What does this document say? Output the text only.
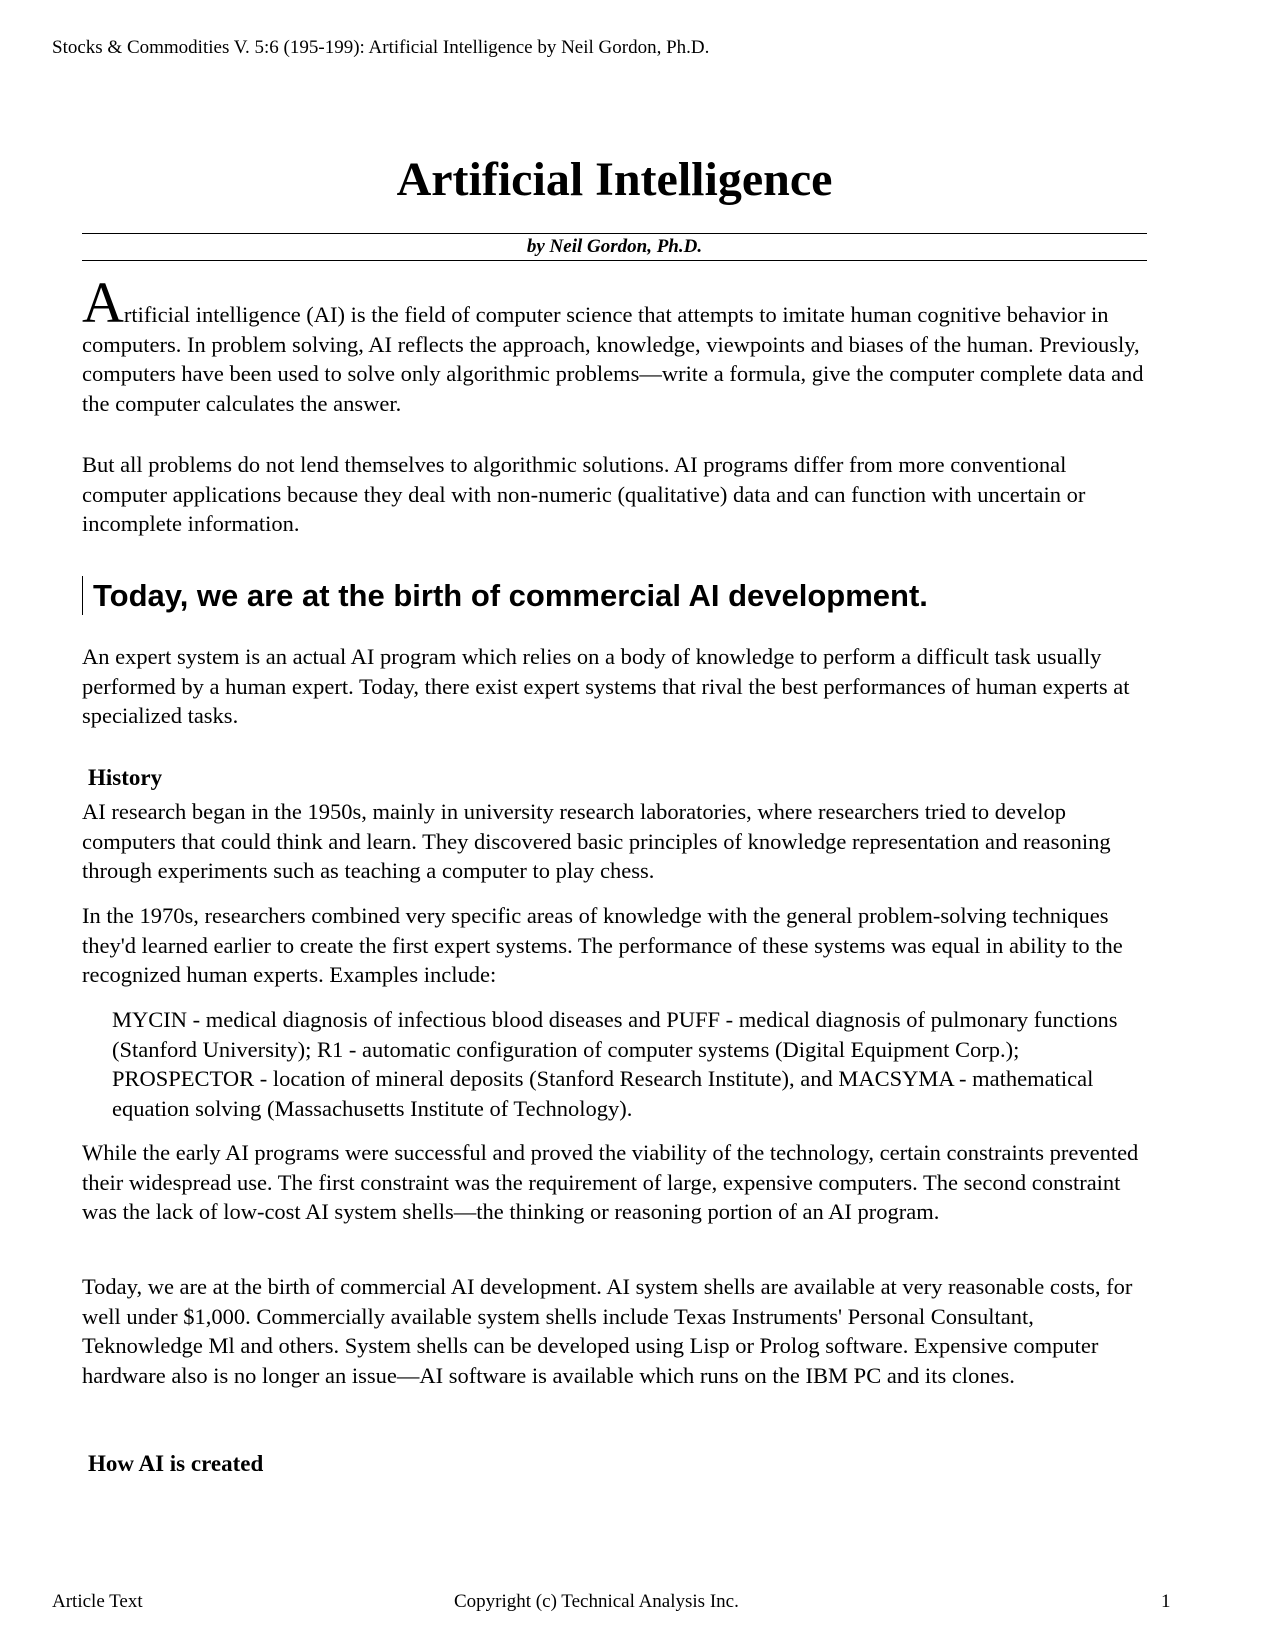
Stocks & Commodities V. 5:6 (195-199): Artificial Intelligence by Neil Gordon, Ph.D.
Artificial Intelligence
by Neil Gordon, Ph.D.

Artificial intelligence (AI) is the field of computer science that attempts to imitate human cognitive behavior in computers. In problem solving, AI reflects the approach, knowledge, viewpoints and biases of the human. Previously, computers have been used to solve only algorithmic problems—write a formula, give the computer complete data and the computer calculates the answer.

But all problems do not lend themselves to algorithmic solutions. AI programs differ from more conventional computer applications because they deal with non-numeric (qualitative) data and can function with uncertain or incomplete information.

Today, we are at the birth of commercial AI development.

An expert system is an actual AI program which relies on a body of knowledge to perform a difficult task usually performed by a human expert. Today, there exist expert systems that rival the best performances of human experts at specialized tasks.

History

AI research began in the 1950s, mainly in university research laboratories, where researchers tried to develop computers that could think and learn. They discovered basic principles of knowledge representation and reasoning through experiments such as teaching a computer to play chess.

In the 1970s, researchers combined very specific areas of knowledge with the general problem-solving techniques they'd learned earlier to create the first expert systems. The performance of these systems was equal in ability to the recognized human experts. Examples include:

MYCIN - medical diagnosis of infectious blood diseases and PUFF - medical diagnosis of pulmonary functions (Stanford University); R1 - automatic configuration of computer systems (Digital Equipment Corp.); PROSPECTOR - location of mineral deposits (Stanford Research Institute), and MACSYMA - mathematical equation solving (Massachusetts Institute of Technology).

While the early AI programs were successful and proved the viability of the technology, certain constraints prevented their widespread use. The first constraint was the requirement of large, expensive computers. The second constraint was the lack of low-cost AI system shells—the thinking or reasoning portion of an AI program.

Today, we are at the birth of commercial AI development. AI system shells are available at very reasonable costs, for well under $1,000. Commercially available system shells include Texas Instruments' Personal Consultant, Teknowledge Ml and others. System shells can be developed using Lisp or Prolog software. Expensive computer hardware also is no longer an issue—AI software is available which runs on the IBM PC and its clones.

How AI is created
Article Text	Copyright (c) Technical Analysis Inc.	1
